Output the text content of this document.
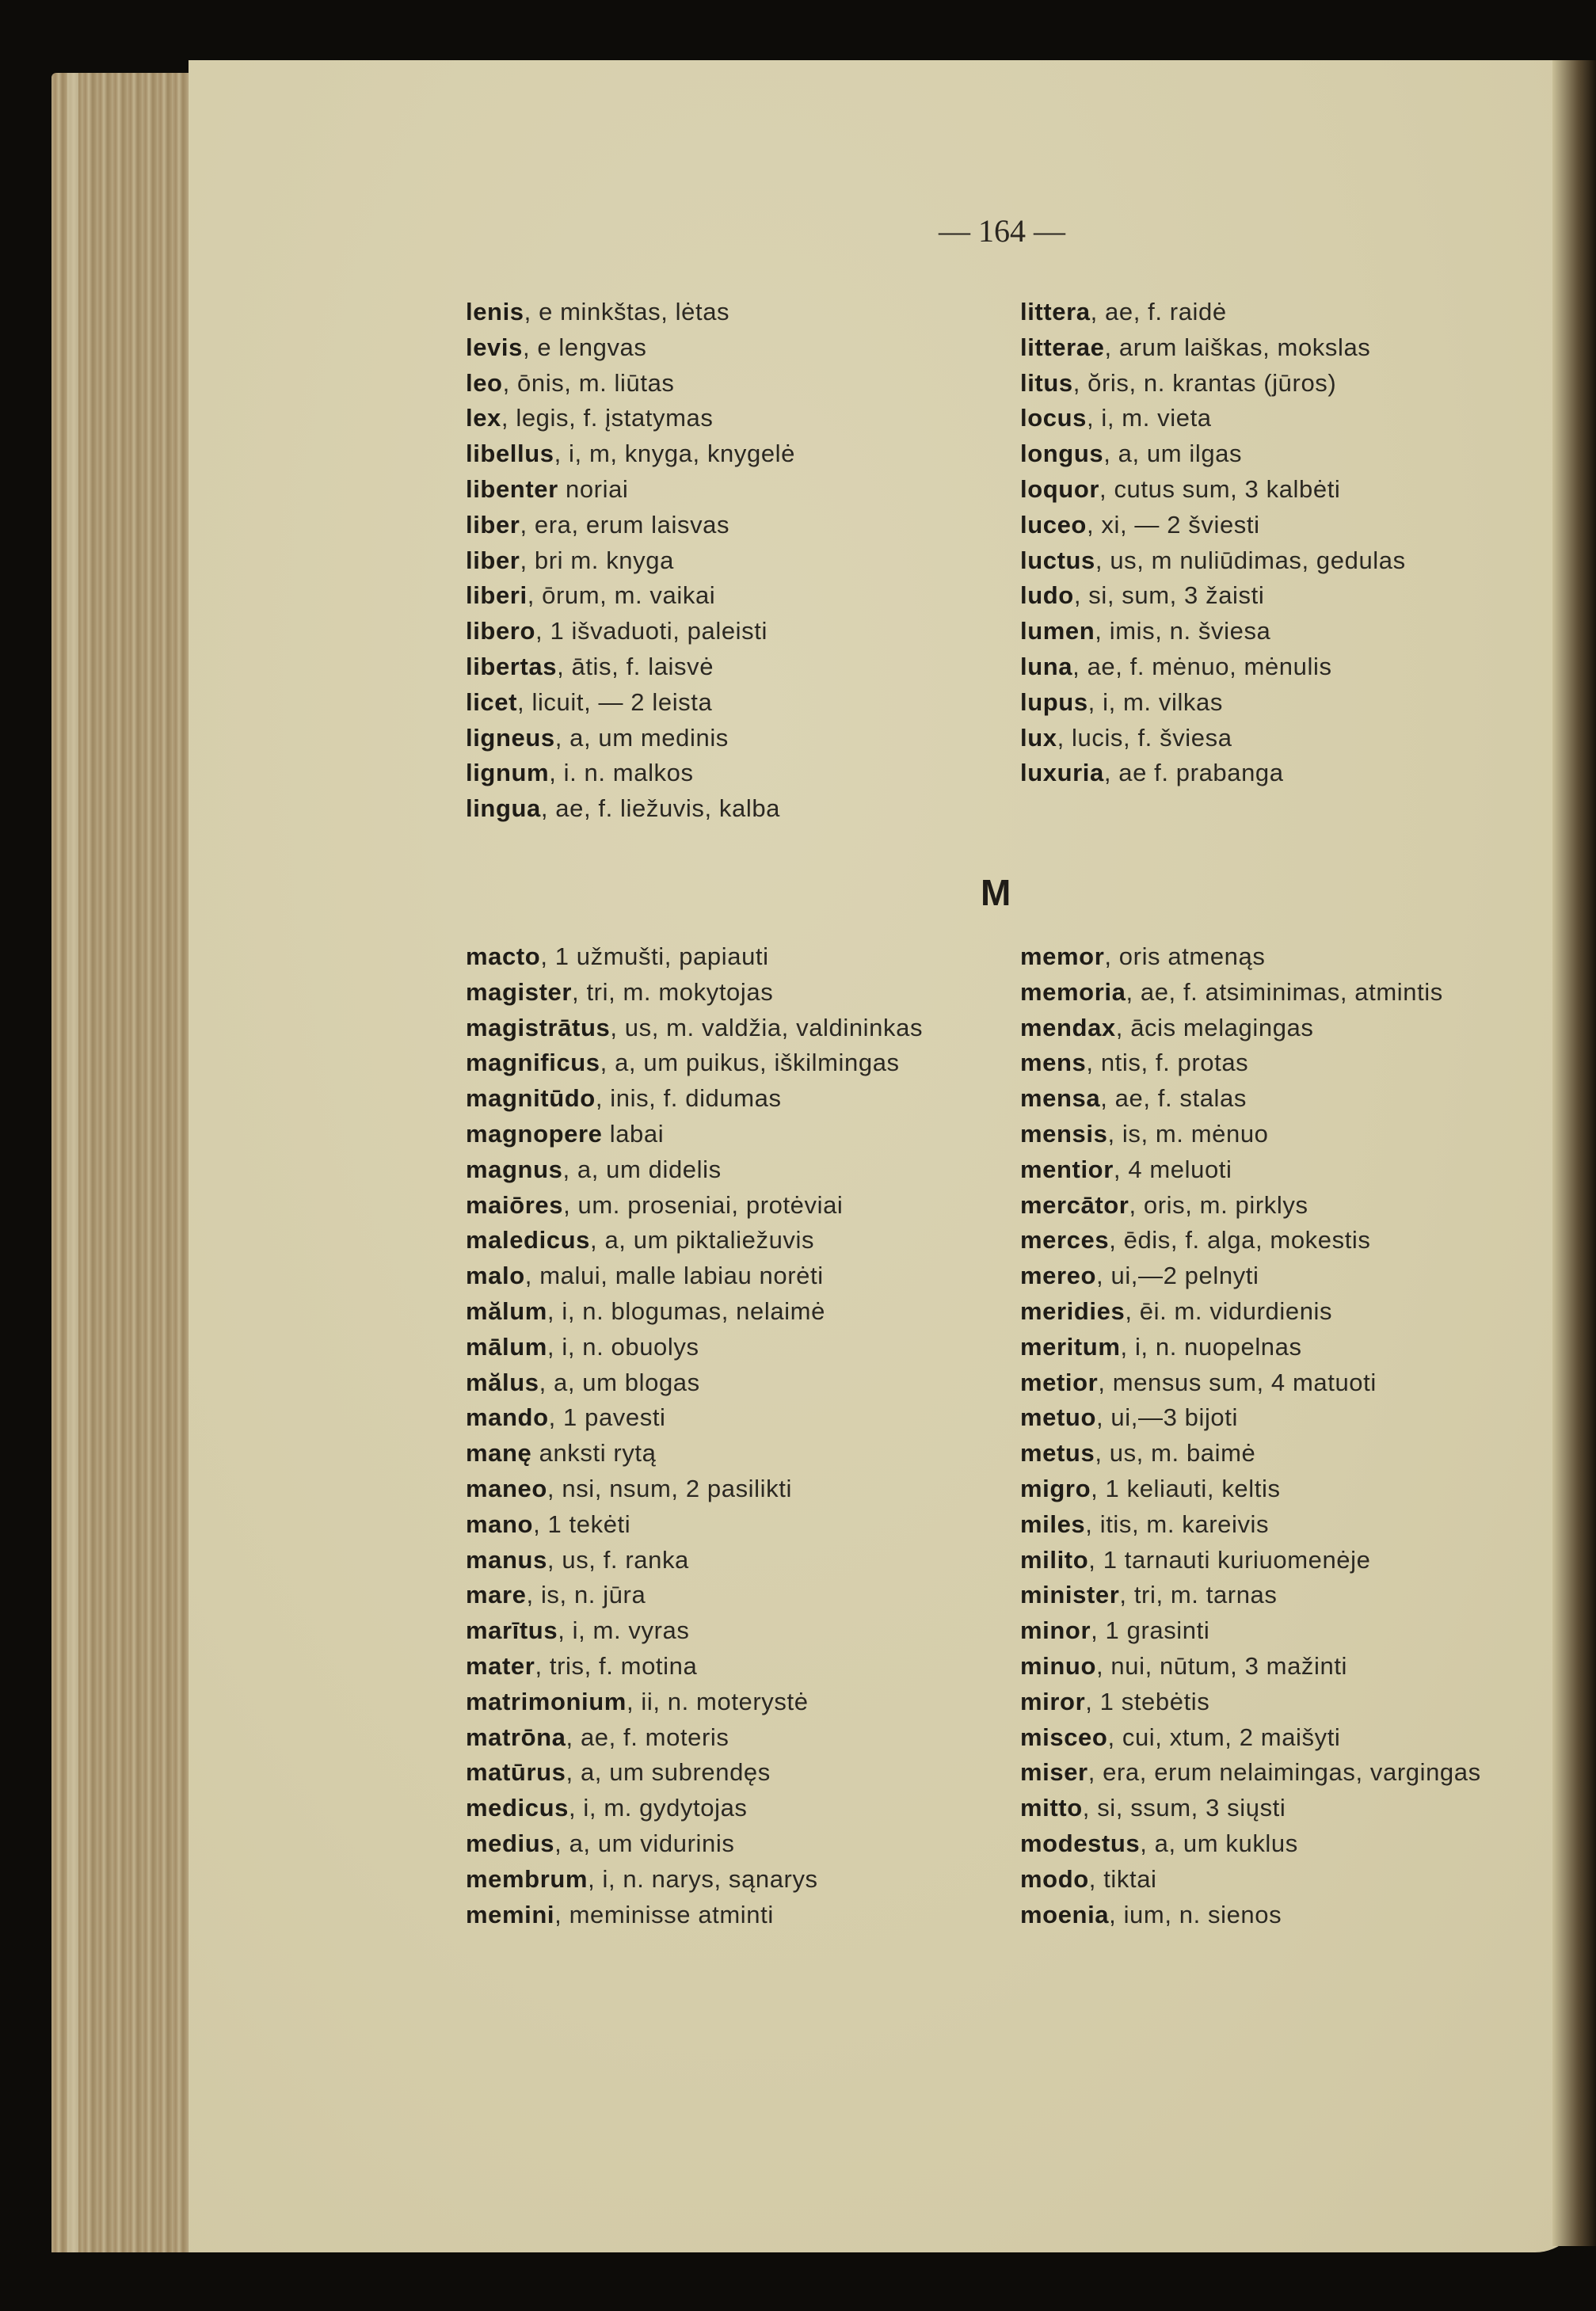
— 164 —
lenis, e minkštas, lėtas
levis, e lengvas
leo, ōnis, m. liūtas
lex, legis, f. įstatymas
libellus, i, m, knyga, knygelė
libenter noriai
liber, era, erum laisvas
liber, bri m. knyga
liberi, ōrum, m. vaikai
libero, 1 išvaduoti, paleisti
libertas, ātis, f. laisvė
licet, licuit, — 2 leista
ligneus, a, um medinis
lignum, i. n. malkos
lingua, ae, f. liežuvis, kalba
littera, ae, f. raidė
litterae, arum laiškas, mokslas
litus, ŏris, n. krantas (jūros)
locus, i, m. vieta
longus, a, um ilgas
loquor, cutus sum, 3 kalbėti
luceo, xi, — 2 šviesti
luctus, us, m nuliūdimas, gedulas
ludo, si, sum, 3 žaisti
lumen, imis, n. šviesa
luna, ae, f. mėnuo, mėnulis
lupus, i, m. vilkas
lux, lucis, f. šviesa
luxuria, ae f. prabanga
M
macto, 1 užmušti, papiauti
magister, tri, m. mokytojas
magistrātus, us, m. valdžia, valdininkas
magnificus, a, um puikus, iškilmingas
magnitūdo, inis, f. didumas
magnopere labai
magnus, a, um didelis
maiōres, um. proseniai, protėviai
maledicus, a, um piktaliežuvis
malo, malui, malle labiau norėti
mălum, i, n. blogumas, nelaimė
mālum, i, n. obuolys
mălus, a, um blogas
mando, 1 pavesti
manę anksti rytą
maneo, nsi, nsum, 2 pasilikti
mano, 1 tekėti
manus, us, f. ranka
mare, is, n. jūra
marītus, i, m. vyras
mater, tris, f. motina
matrimonium, ii, n. moterystė
matrōna, ae, f. moteris
matūrus, a, um subrendęs
medicus, i, m. gydytojas
medius, a, um vidurinis
membrum, i, n. narys, sąnarys
memini, meminisse atminti
memor, oris atmenąs
memoria, ae, f. atsiminimas, atmintis
mendax, ācis melagingas
mens, ntis, f. protas
mensa, ae, f. stalas
mensis, is, m. mėnuo
mentior, 4 meluoti
mercātor, oris, m. pirklys
merces, ēdis, f. alga, mokestis
mereo, ui,—2 pelnyti
meridies, ēi. m. vidurdienis
meritum, i, n. nuopelnas
metior, mensus sum, 4 matuoti
metuo, ui,—3 bijoti
metus, us, m. baimė
migro, 1 keliauti, keltis
miles, itis, m. kareivis
milito, 1 tarnauti kuriuomenėje
minister, tri, m. tarnas
minor, 1 grasinti
minuo, nui, nūtum, 3 mažinti
miror, 1 stebėtis
misceo, cui, xtum, 2 maišyti
miser, era, erum nelaimingas, vargingas
mitto, si, ssum, 3 siųsti
modestus, a, um kuklus
modo, tiktai
moenia, ium, n. sienos
